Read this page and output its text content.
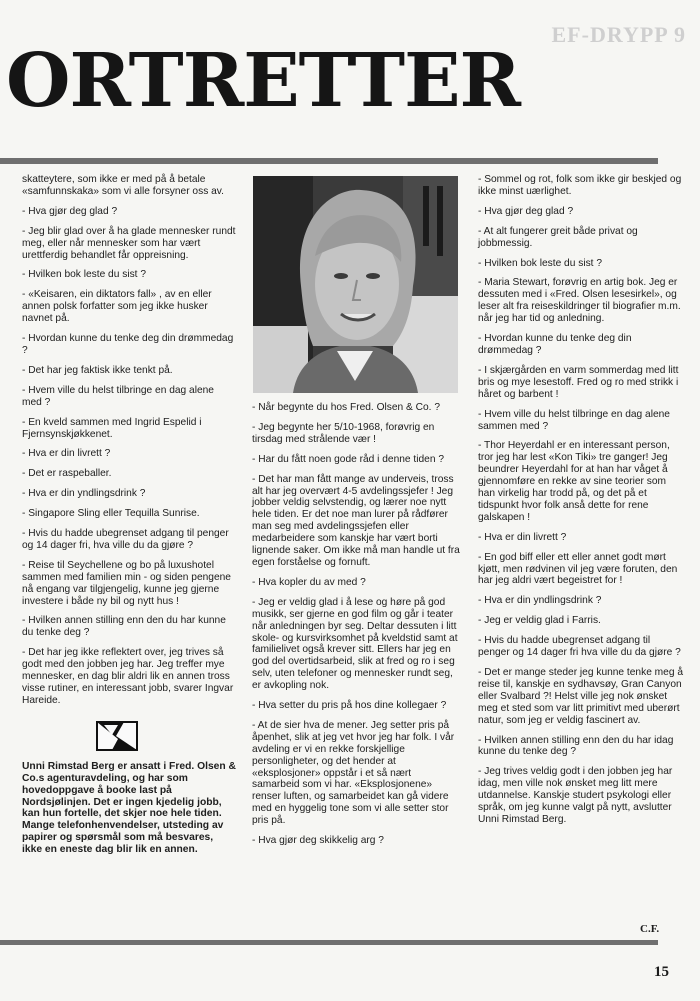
EF-DRYPP 9
ORTRETTER

skatteytere, som ikke er med på å betale «samfunnskaka» som vi alle forsyner oss av.

- Hva gjør deg glad ?

- Jeg blir glad over å ha glade mennesker rundt meg, eller når mennesker som har vært urettferdig behandlet får oppreisning.

- Hvilken bok leste du sist ?

- «Keisaren, ein diktators fall» , av en eller annen polsk forfatter som jeg ikke husker navnet på.

- Hvordan kunne du tenke deg din drømmedag ?

- Det har jeg faktisk ikke tenkt på.

- Hvem ville du helst tilbringe en dag alene med ?

- En kveld sammen med Ingrid Espelid i Fjernsynskjøkkenet.

- Hva er din livrett ?

- Det er raspeballer.

- Hva er din yndlingsdrink ?

- Singapore Sling eller Tequilla Sunrise.

- Hvis du hadde ubegrenset adgang til penger og 14 dager fri, hva ville du da gjøre ?

- Reise til Seychellene og bo på luxushotel sammen med familien min - og siden pengene nå engang var tilgjengelig, kunne jeg gjerne investere i både ny bil og nytt hus !

- Hvilken annen stilling enn den du har kunne du tenke deg ?

- Det har jeg ikke reflektert over, jeg trives så godt med den jobben jeg har. Jeg treffer mye mennesker, en dag blir aldri lik en annen tross visse rutiner, en interessant jobb, svarer Ingvar Hareide.

Unni Rimstad Berg er ansatt i Fred. Olsen & Co.s agenturavdeling, og har som hovedoppgave å booke last på Nordsjølinjen. Det er ingen kjedelig jobb, kan hun fortelle, det skjer noe hele tiden. Mange telefonhenvendelser, utsteding av papirer og spørsmål som må besvares, ikke en eneste dag blir lik en annen.

- Når begynte du hos Fred. Olsen & Co. ?

- Jeg begynte her 5/10-1968, forøvrig en tirsdag med strålende vær !

- Har du fått noen gode råd i denne tiden ?

- Det har man fått mange av underveis, tross alt har jeg overvært 4-5 avdelingssjefer ! Jeg jobber veldig selvstendig, og lærer noe nytt hele tiden. Er det noe man lurer på rådfører man seg med avdelingssjefen eller medarbeidere som kanskje har vært borti lignende saker. Om ikke må man handle ut fra egen forståelse og fornuft.

- Hva kopler du av med ?

- Jeg er veldig glad i å lese og høre på god musikk, ser gjerne en god film og går i teater når anledningen byr seg. Deltar dessuten i litt skole- og kursvirksomhet på kveldstid samt at familielivet også krever sitt. Ellers har jeg en god del overtidsarbeid, slik at fred og ro i seg selv, uten telefoner og mennesker rundt seg, er avkopling nok.

- Hva setter du pris på hos dine kollegaer ?

- At de sier hva de mener. Jeg setter pris på åpenhet, slik at jeg vet hvor jeg har folk. I vår avdeling er vi en rekke forskjellige personligheter, og det hender at «eksplosjoner» oppstår i et så nært samarbeid som vi har. «Eksplosjonene» renser luften, og samarbeidet kan gå videre med en hyggelig tone som vi alle setter stor pris på.

- Hva gjør deg skikkelig arg ?

- Sommel og rot, folk som ikke gir beskjed og ikke minst uærlighet.

- Hva gjør deg glad ?

- At alt fungerer greit både privat og jobbmessig.

- Hvilken bok leste du sist ?

- Maria Stewart, forøvrig en artig bok. Jeg er dessuten med i «Fred. Olsen lesesirkel», og leser alt fra reiseskildringer til biografier m.m. når jeg har tid og anledning.

- Hvordan kunne du tenke deg din drømmedag ?

- I skjærgården en varm sommerdag med litt bris og mye lesestoff. Fred og ro med strikk i håret og barbent !

- Hvem ville du helst tilbringe en dag alene sammen med ?

- Thor Heyerdahl er en interessant person, tror jeg har lest «Kon Tiki» tre ganger! Jeg beundrer Heyerdahl for at han har våget å gjennomføre en rekke av sine teorier som han virkelig har trodd på, og det på et tidspunkt hvor folk anså dette for rene galskapen !

- Hva er din livrett ?

- En god biff eller ett eller annet godt mørt kjøtt, men rødvinen vil jeg være foruten, den har jeg aldri vært begeistret for !

- Hva er din yndlingsdrink ?

- Jeg er veldig glad i Farris.

- Hvis du hadde ubegrenset adgang til penger og 14 dager fri hva ville du da gjøre ?

- Det er mange steder jeg kunne tenke meg å reise til, kanskje en sydhavsøy, Gran Canyon eller Svalbard ?! Helst ville jeg nok ønsket meg et sted som var litt primitivt med uberørt natur, som jeg er veldig fascinert av.

- Hvilken annen stilling enn den du har idag kunne du tenke deg ?

- Jeg trives veldig godt i den jobben jeg har idag, men ville nok ønsket meg litt mere utdannelse. Kanskje studert psykologi eller språk, om jeg kunne valgt på nytt, avslutter Unni Rimstad Berg.

C.F.
15
